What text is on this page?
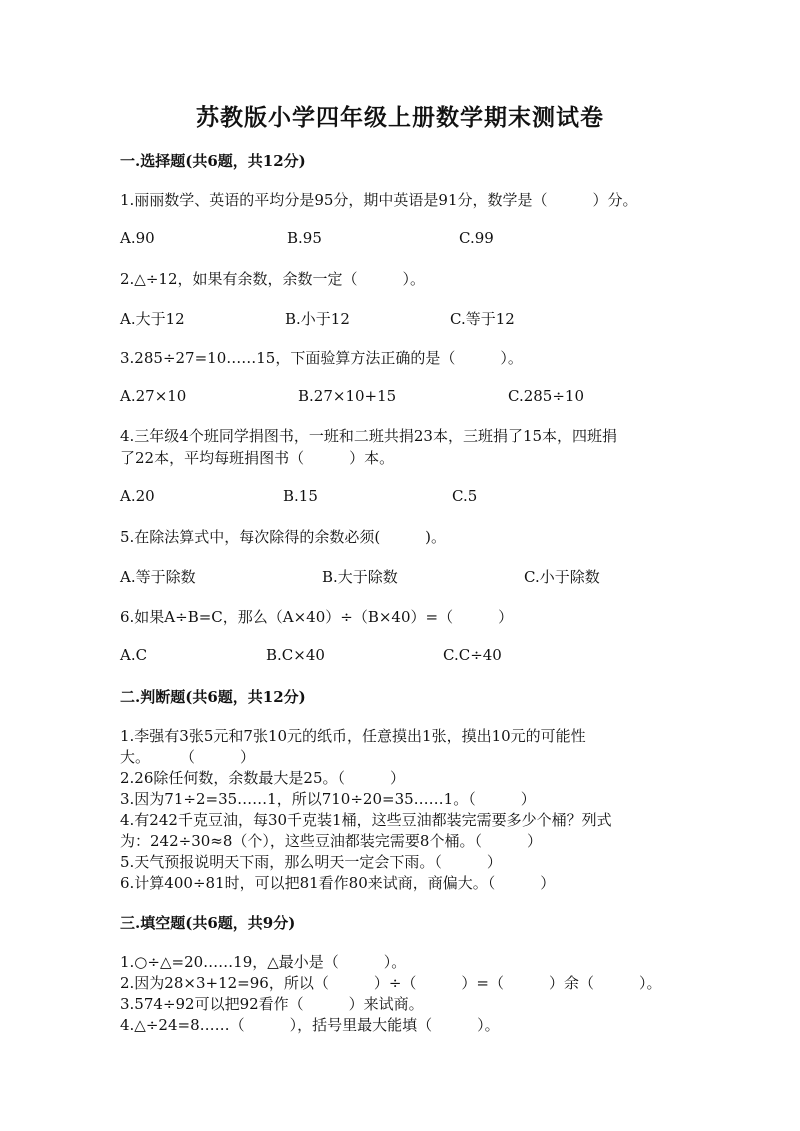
苏教版小学四年级上册数学期末测试卷
一.选择题(共6题，共12分)
1.丽丽数学、英语的平均分是95分，期中英语是91分，数学是（　　　）分。
A.90	B.95	C.99
2.△÷12，如果有余数，余数一定（　　　）。
A.大于12	B.小于12	C.等于12
3.285÷27=10……15，下面验算方法正确的是（　　　）。
A.27×10	B.27×10+15	C.285÷10
4.三年级4个班同学捐图书，一班和二班共捐23本，三班捐了15本，四班捐
了22本，平均每班捐图书（　　　）本。
A.20	B.15	C.5
5.在除法算式中，每次除得的余数必须(　　　)。
A.等于除数	B.大于除数	C.小于除数
6.如果A÷B=C，那么（A×40）÷（B×40）=（　　　）
A.C	B.C×40	C.C÷40
二.判断题(共6题，共12分)
1.李强有3张5元和7张10元的纸币，任意摸出1张，摸出10元的可能性
大。　　　（　　　）
2.26除任何数，余数最大是25。（　　　）
3.因为71÷2=35……1，所以710÷20=35……1。（　　　）
4.有242千克豆油，每30千克装1桶，这些豆油都装完需要多少个桶？列式
为：242÷30≈8（个），这些豆油都装完需要8个桶。（　　　）
5.天气预报说明天下雨，那么明天一定会下雨。（　　　）
6.计算400÷81时，可以把81看作80来试商，商偏大。（　　　）
三.填空题(共6题，共9分)
1.○÷△=20……19，△最小是（　　　）。
2.因为28×3+12=96，所以（　　　）÷（　　　）=（　　　）余（　　　）。
3.574÷92可以把92看作（　　　）来试商。
4.△÷24=8……（　　　），括号里最大能填（　　　）。
